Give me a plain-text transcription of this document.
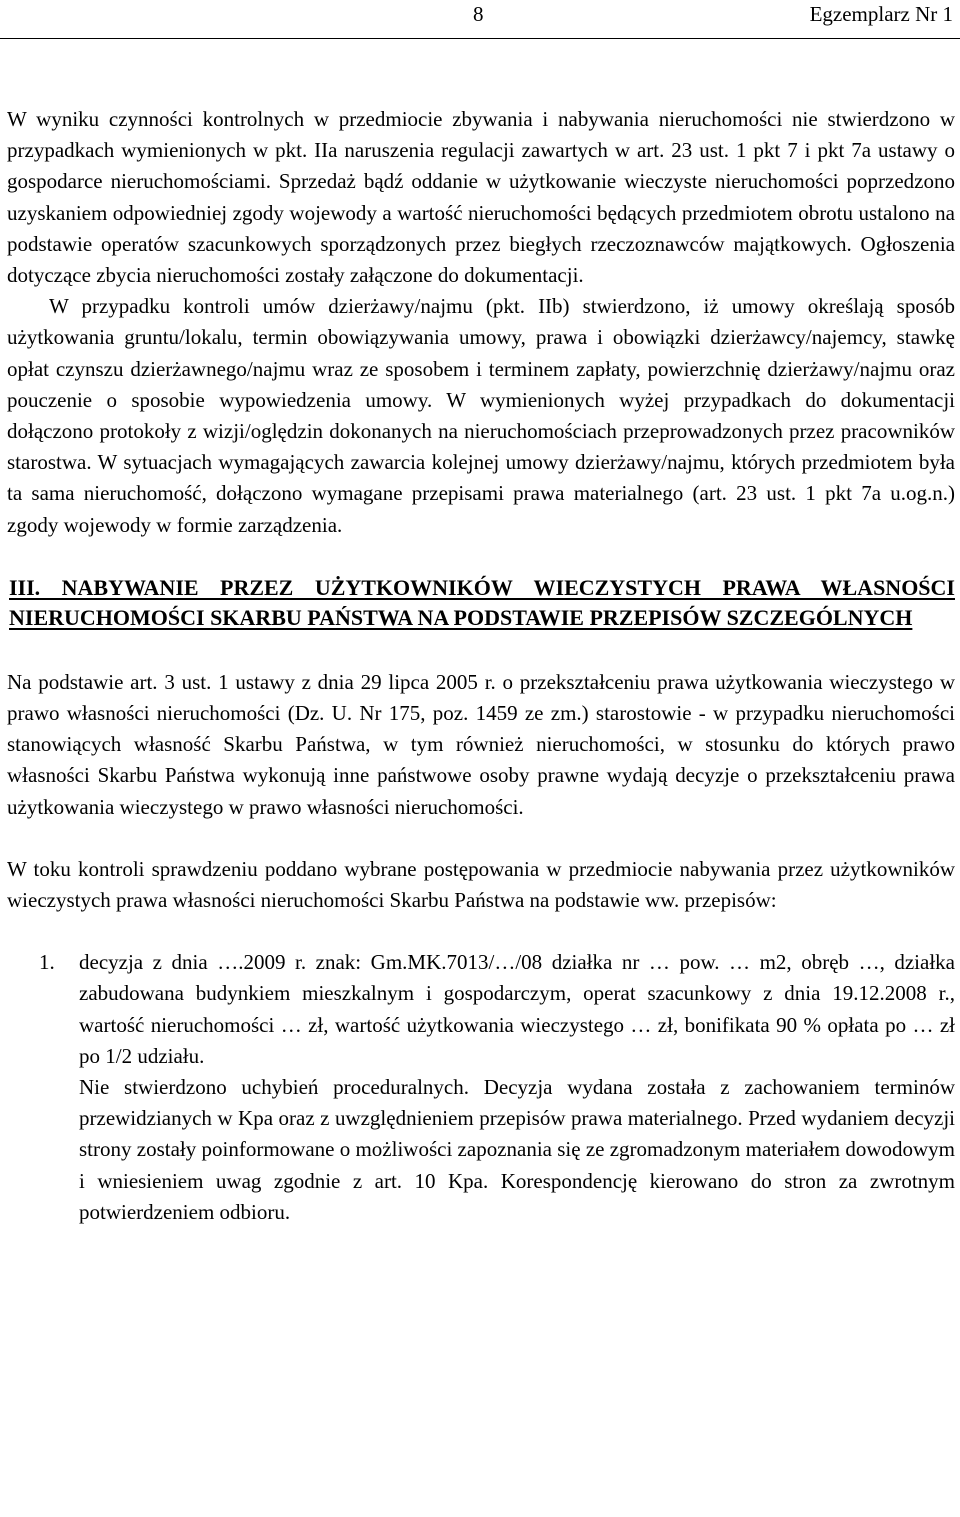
8	Egzemplarz Nr 1

W wyniku czynności kontrolnych w przedmiocie zbywania i nabywania nieruchomości nie stwierdzono w przypadkach wymienionych w pkt. IIa naruszenia regulacji zawartych w art. 23 ust. 1 pkt 7 i pkt 7a ustawy o gospodarce nieruchomościami. Sprzedaż bądź oddanie w użytkowanie wieczyste nieruchomości poprzedzono uzyskaniem odpowiedniej zgody wojewody a wartość nieruchomości będących przedmiotem obrotu ustalono na podstawie operatów szacunkowych sporządzonych przez biegłych rzeczoznawców majątkowych. Ogłoszenia dotyczące zbycia nieruchomości zostały załączone do dokumentacji.

W przypadku kontroli umów dzierżawy/najmu (pkt. IIb) stwierdzono, iż umowy określają sposób użytkowania gruntu/lokalu, termin obowiązywania umowy, prawa i obowiązki dzierżawcy/najemcy, stawkę opłat czynszu dzierżawnego/najmu wraz ze sposobem i terminem zapłaty, powierzchnię dzierżawy/najmu oraz pouczenie o sposobie wypowiedzenia umowy. W wymienionych wyżej przypadkach do dokumentacji dołączono protokoły z wizji/oględzin dokonanych na nieruchomościach przeprowadzonych przez pracowników starostwa. W sytuacjach wymagających zawarcia kolejnej umowy dzierżawy/najmu, których przedmiotem była ta sama nieruchomość, dołączono wymagane przepisami prawa materialnego (art. 23 ust. 1 pkt 7a u.og.n.) zgody wojewody w formie zarządzenia.

III. NABYWANIE PRZEZ UŻYTKOWNIKÓW WIECZYSTYCH PRAWA WŁASNOŚCI NIERUCHOMOŚCI SKARBU PAŃSTWA NA PODSTAWIE PRZEPISÓW SZCZEGÓLNYCH

Na podstawie art. 3 ust. 1 ustawy z dnia 29 lipca 2005 r. o przekształceniu prawa użytkowania wieczystego w prawo własności nieruchomości (Dz. U. Nr 175, poz. 1459 ze zm.) starostowie - w przypadku nieruchomości stanowiących własność Skarbu Państwa, w tym również nieruchomości, w stosunku do których prawo własności Skarbu Państwa wykonują inne państwowe osoby prawne wydają decyzje o przekształceniu prawa użytkowania wieczystego w prawo własności nieruchomości.

W toku kontroli sprawdzeniu poddano wybrane postępowania w przedmiocie nabywania przez użytkowników wieczystych prawa własności nieruchomości Skarbu Państwa na podstawie ww. przepisów:

1. decyzja z dnia ….2009 r. znak: Gm.MK.7013/…/08 działka nr … pow. … m2, obręb …, działka zabudowana budynkiem mieszkalnym i gospodarczym, operat szacunkowy z dnia 19.12.2008 r., wartość nieruchomości … zł, wartość użytkowania wieczystego … zł, bonifikata 90 % opłata po … zł po 1/2 udziału.

Nie stwierdzono uchybień proceduralnych. Decyzja wydana została z zachowaniem terminów przewidzianych w Kpa oraz z uwzględnieniem przepisów prawa materialnego. Przed wydaniem decyzji strony zostały poinformowane o możliwości zapoznania się ze zgromadzonym materiałem dowodowym i wniesieniem uwag zgodnie z art. 10 Kpa. Korespondencję kierowano do stron za zwrotnym potwierdzeniem odbioru.
